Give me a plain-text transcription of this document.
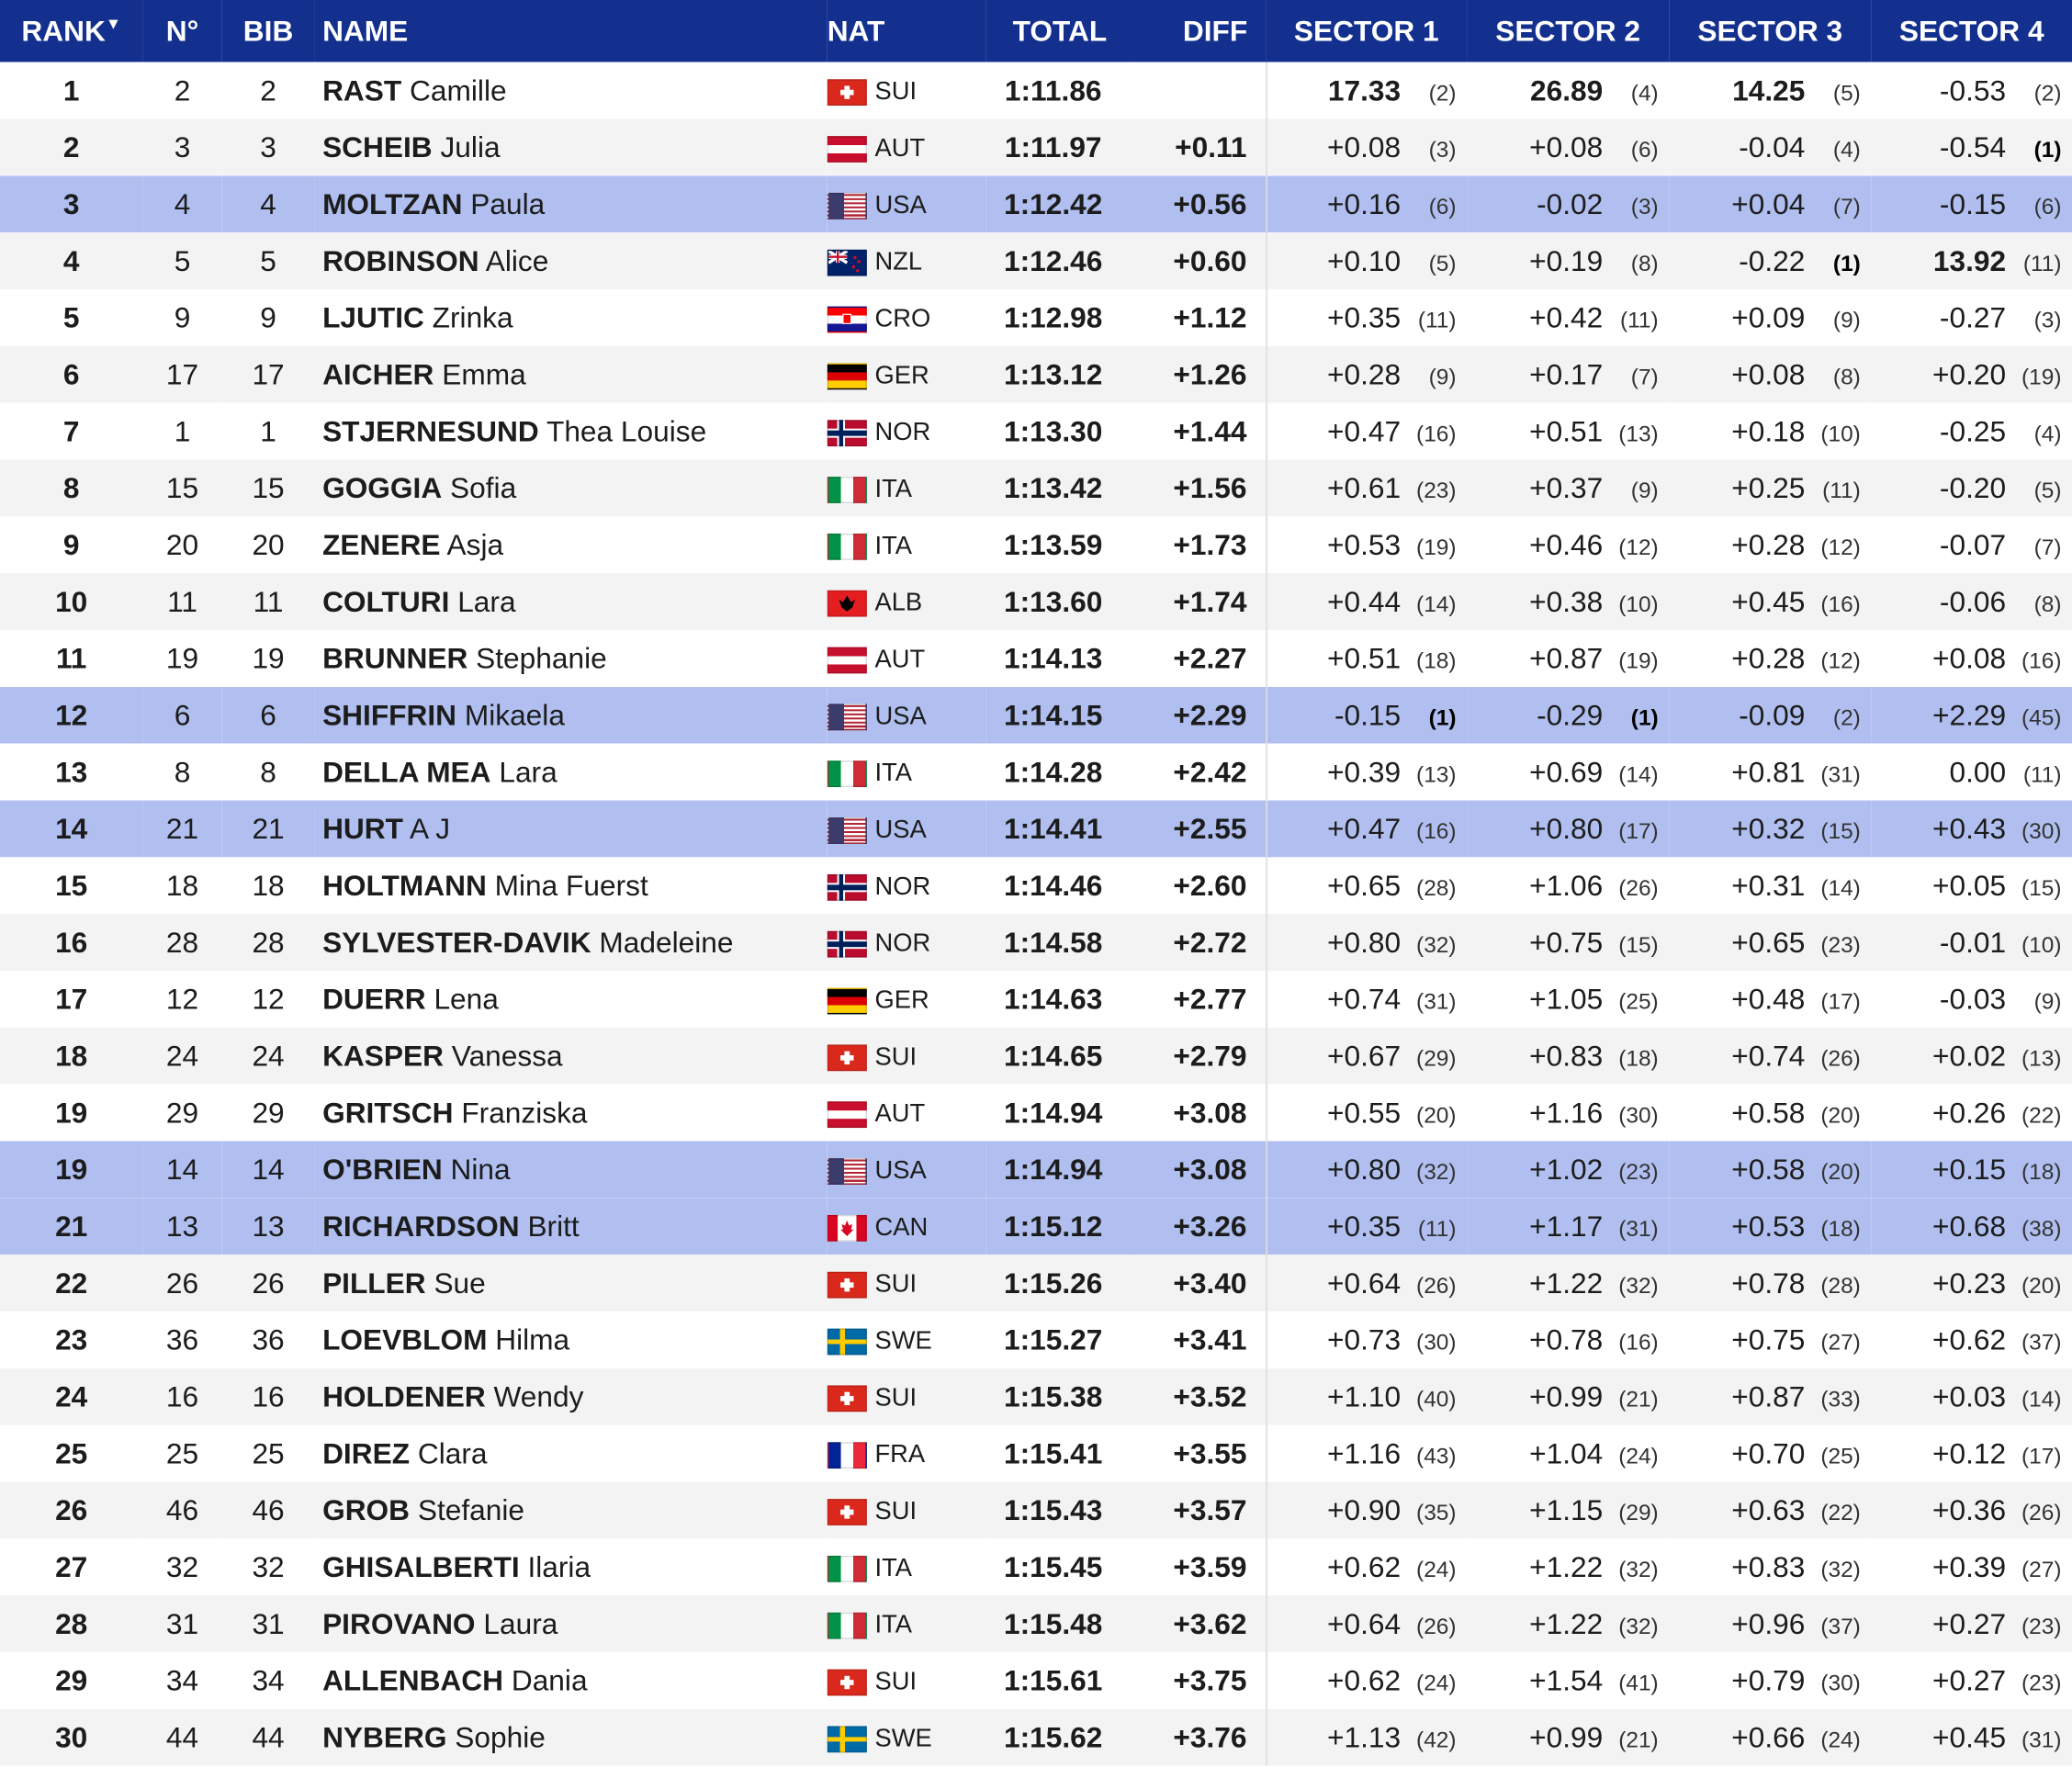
RANK▼	N°	BIB	NAME	NAT	TOTAL	DIFF	SECTOR 1	SECTOR 2	SECTOR 3	SECTOR 4
1	2	2	RAST Camille	SUI	1:11.86		17.33 (2)	26.89 (4)	14.25 (5)	-0.53 (2)
2	3	3	SCHEIB Julia	AUT	1:11.97	+0.11	+0.08 (3)	+0.08 (6)	-0.04 (4)	-0.54 (1)
3	4	4	MOLTZAN Paula	USA	1:12.42	+0.56	+0.16 (6)	-0.02 (3)	+0.04 (7)	-0.15 (6)
4	5	5	ROBINSON Alice	NZL	1:12.46	+0.60	+0.10 (5)	+0.19 (8)	-0.22 (1)	13.92 (11)
5	9	9	LJUTIC Zrinka	CRO	1:12.98	+1.12	+0.35 (11)	+0.42 (11)	+0.09 (9)	-0.27 (3)
6	17	17	AICHER Emma	GER	1:13.12	+1.26	+0.28 (9)	+0.17 (7)	+0.08 (8)	+0.20 (19)
7	1	1	STJERNESUND Thea Louise	NOR	1:13.30	+1.44	+0.47 (16)	+0.51 (13)	+0.18 (10)	-0.25 (4)
8	15	15	GOGGIA Sofia	ITA	1:13.42	+1.56	+0.61 (23)	+0.37 (9)	+0.25 (11)	-0.20 (5)
9	20	20	ZENERE Asja	ITA	1:13.59	+1.73	+0.53 (19)	+0.46 (12)	+0.28 (12)	-0.07 (7)
10	11	11	COLTURI Lara	ALB	1:13.60	+1.74	+0.44 (14)	+0.38 (10)	+0.45 (16)	-0.06 (8)
11	19	19	BRUNNER Stephanie	AUT	1:14.13	+2.27	+0.51 (18)	+0.87 (19)	+0.28 (12)	+0.08 (16)
12	6	6	SHIFFRIN Mikaela	USA	1:14.15	+2.29	-0.15 (1)	-0.29 (1)	-0.09 (2)	+2.29 (45)
13	8	8	DELLA MEA Lara	ITA	1:14.28	+2.42	+0.39 (13)	+0.69 (14)	+0.81 (31)	0.00 (11)
14	21	21	HURT A J	USA	1:14.41	+2.55	+0.47 (16)	+0.80 (17)	+0.32 (15)	+0.43 (30)
15	18	18	HOLTMANN Mina Fuerst	NOR	1:14.46	+2.60	+0.65 (28)	+1.06 (26)	+0.31 (14)	+0.05 (15)
16	28	28	SYLVESTER-DAVIK Madeleine	NOR	1:14.58	+2.72	+0.80 (32)	+0.75 (15)	+0.65 (23)	-0.01 (10)
17	12	12	DUERR Lena	GER	1:14.63	+2.77	+0.74 (31)	+1.05 (25)	+0.48 (17)	-0.03 (9)
18	24	24	KASPER Vanessa	SUI	1:14.65	+2.79	+0.67 (29)	+0.83 (18)	+0.74 (26)	+0.02 (13)
19	29	29	GRITSCH Franziska	AUT	1:14.94	+3.08	+0.55 (20)	+1.16 (30)	+0.58 (20)	+0.26 (22)
19	14	14	O'BRIEN Nina	USA	1:14.94	+3.08	+0.80 (32)	+1.02 (23)	+0.58 (20)	+0.15 (18)
21	13	13	RICHARDSON Britt	CAN	1:15.12	+3.26	+0.35 (11)	+1.17 (31)	+0.53 (18)	+0.68 (38)
22	26	26	PILLER Sue	SUI	1:15.26	+3.40	+0.64 (26)	+1.22 (32)	+0.78 (28)	+0.23 (20)
23	36	36	LOEVBLOM Hilma	SWE	1:15.27	+3.41	+0.73 (30)	+0.78 (16)	+0.75 (27)	+0.62 (37)
24	16	16	HOLDENER Wendy	SUI	1:15.38	+3.52	+1.10 (40)	+0.99 (21)	+0.87 (33)	+0.03 (14)
25	25	25	DIREZ Clara	FRA	1:15.41	+3.55	+1.16 (43)	+1.04 (24)	+0.70 (25)	+0.12 (17)
26	46	46	GROB Stefanie	SUI	1:15.43	+3.57	+0.90 (35)	+1.15 (29)	+0.63 (22)	+0.36 (26)
27	32	32	GHISALBERTI Ilaria	ITA	1:15.45	+3.59	+0.62 (24)	+1.22 (32)	+0.83 (32)	+0.39 (27)
28	31	31	PIROVANO Laura	ITA	1:15.48	+3.62	+0.64 (26)	+1.22 (32)	+0.96 (37)	+0.27 (23)
29	34	34	ALLENBACH Dania	SUI	1:15.61	+3.75	+0.62 (24)	+1.54 (41)	+0.79 (30)	+0.27 (23)
30	44	44	NYBERG Sophie	SWE	1:15.62	+3.76	+1.13 (42)	+0.99 (21)	+0.66 (24)	+0.45 (31)
